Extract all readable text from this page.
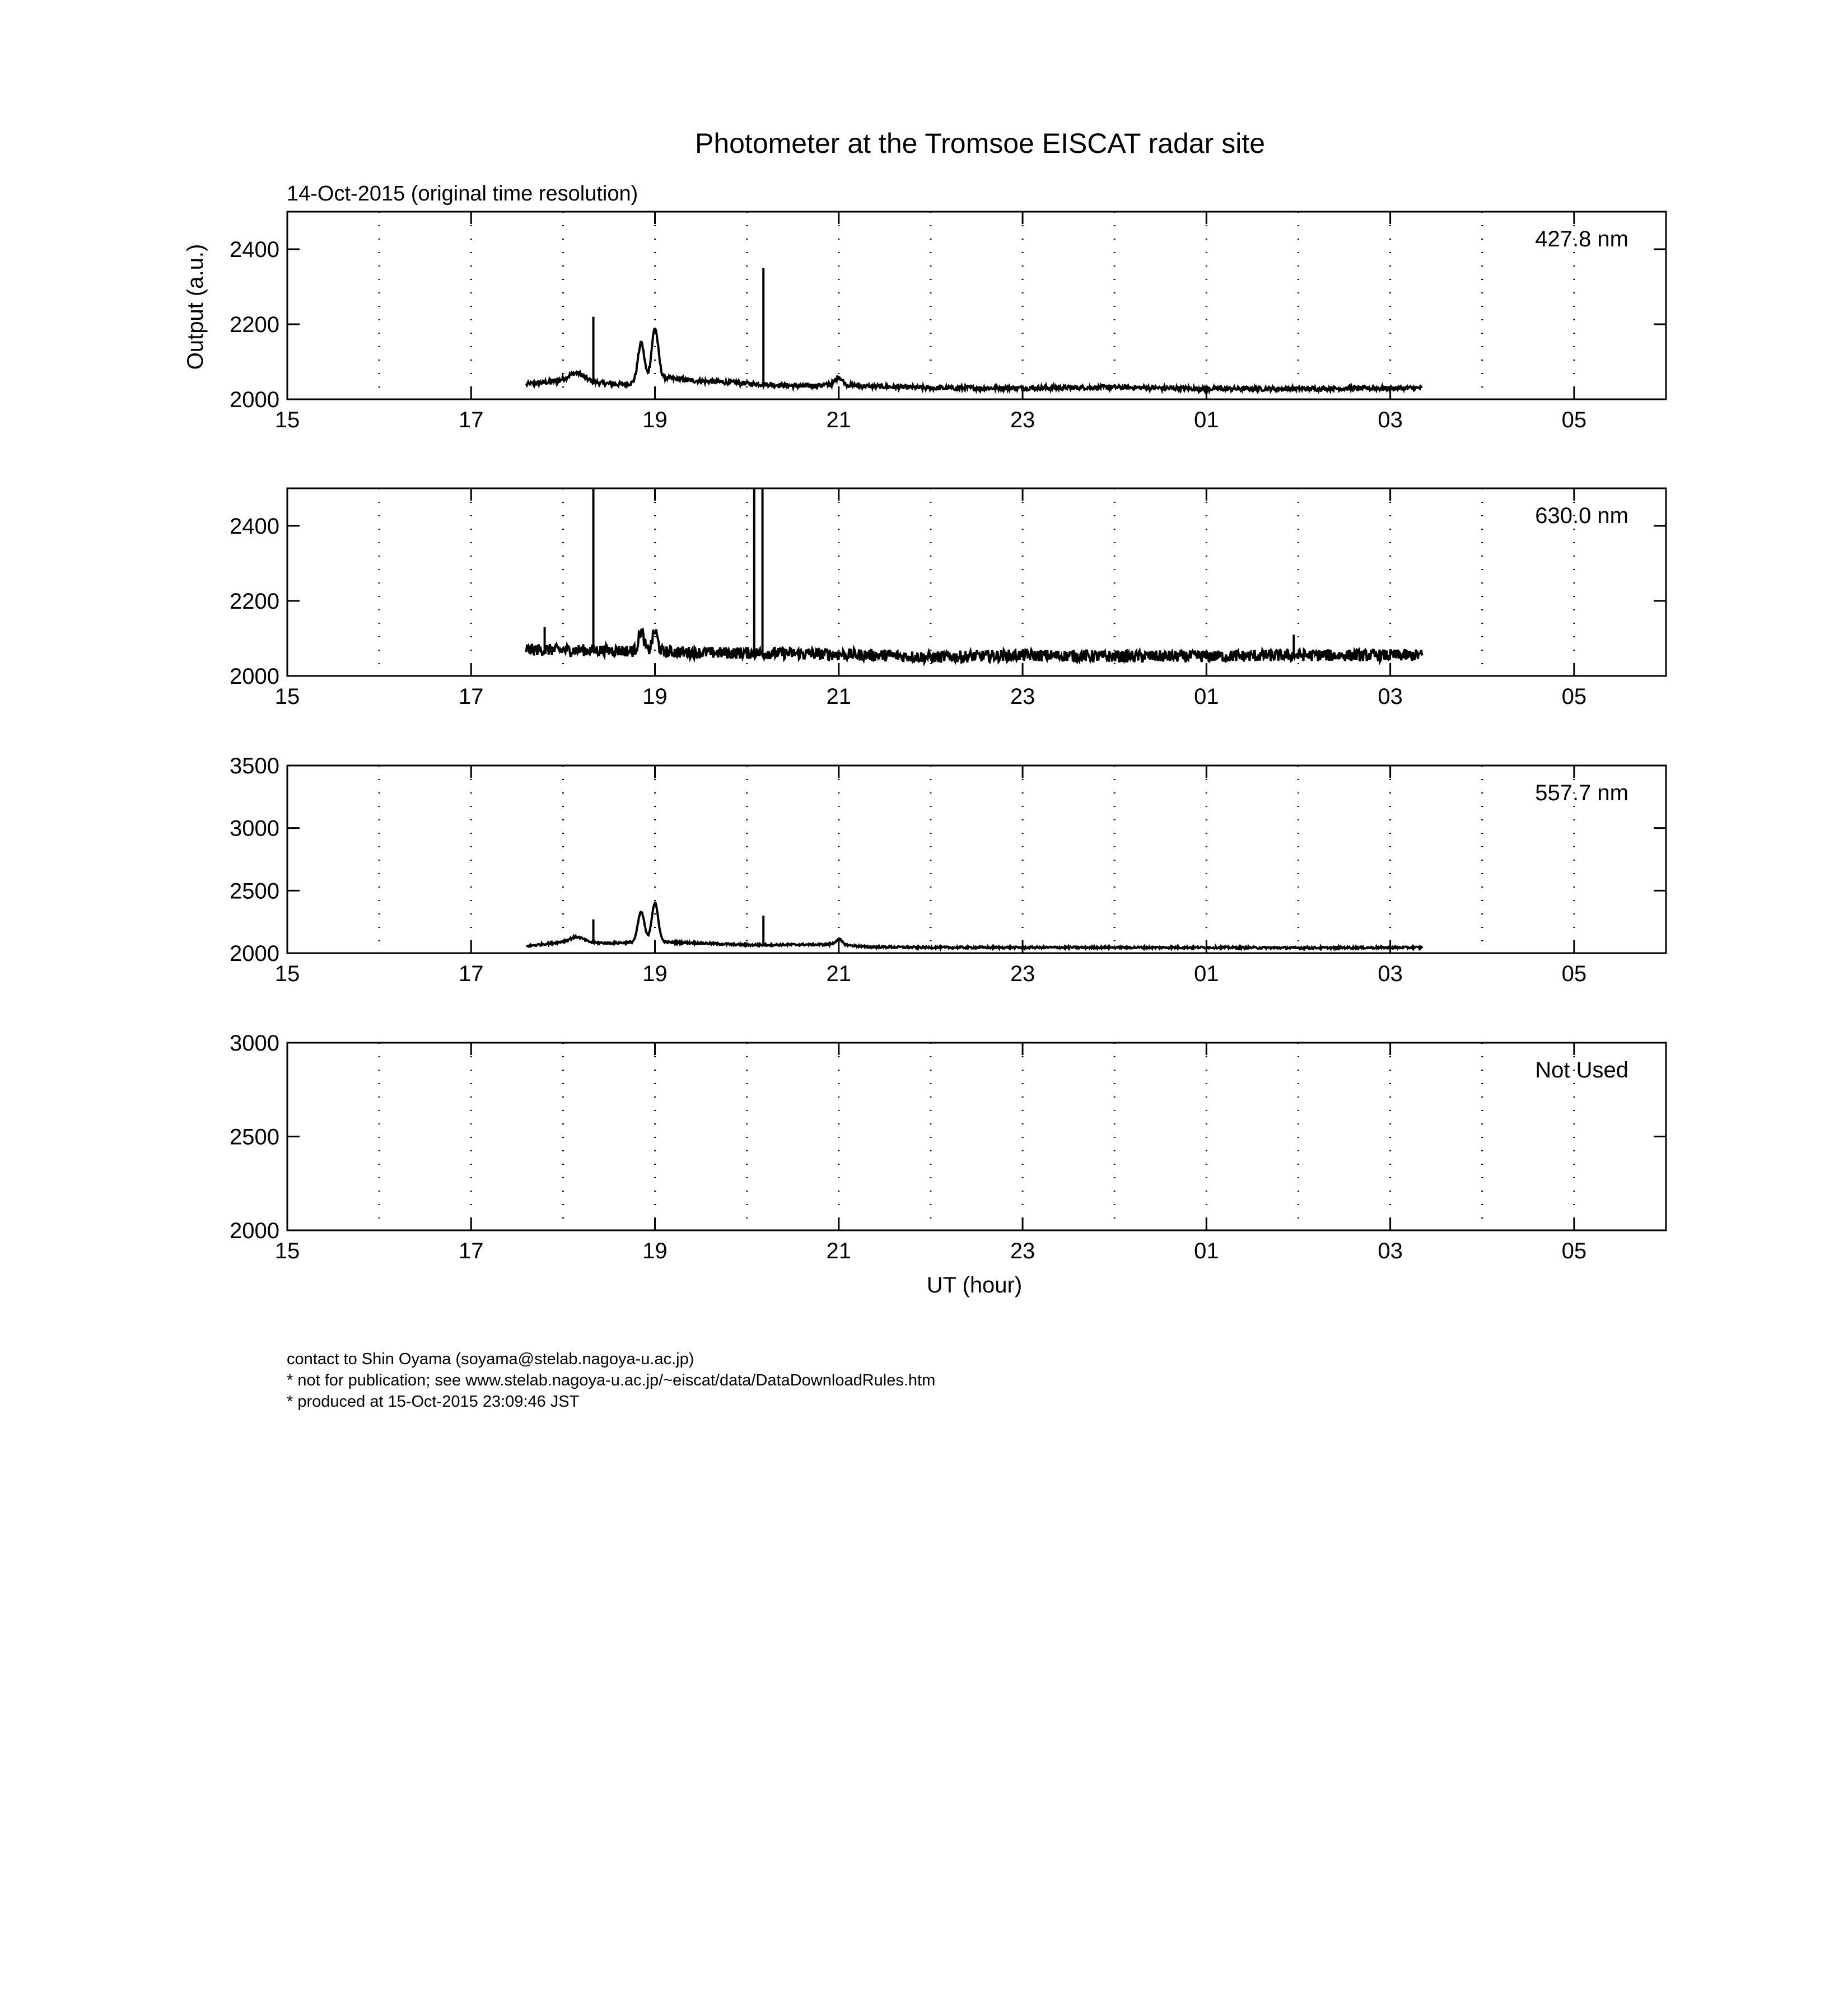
Photometer at the Tromsoe EISCAT radar site
14-Oct-2015 (original time resolution)
Output (a.u.)
UT (hour)
15	17	19	21	23	01	03	05
2000
2200
2400	427.8 nm
15	17	19	21	23	01	03	05
2000
2200
2400	630.0 nm
15	17	19	21	23	01	03	05
2000
2500
3000
3500
557.7 nm
15	17	19	21	23	01	03	05
2000
2500
3000
Not Used
contact to Shin Oyama (soyama@stelab.nagoya-u.ac.jp)
* not for publication; see www.stelab.nagoya-u.ac.jp/~eiscat/data/DataDownloadRules.htm
* produced at 15-Oct-2015 23:09:46 JST
